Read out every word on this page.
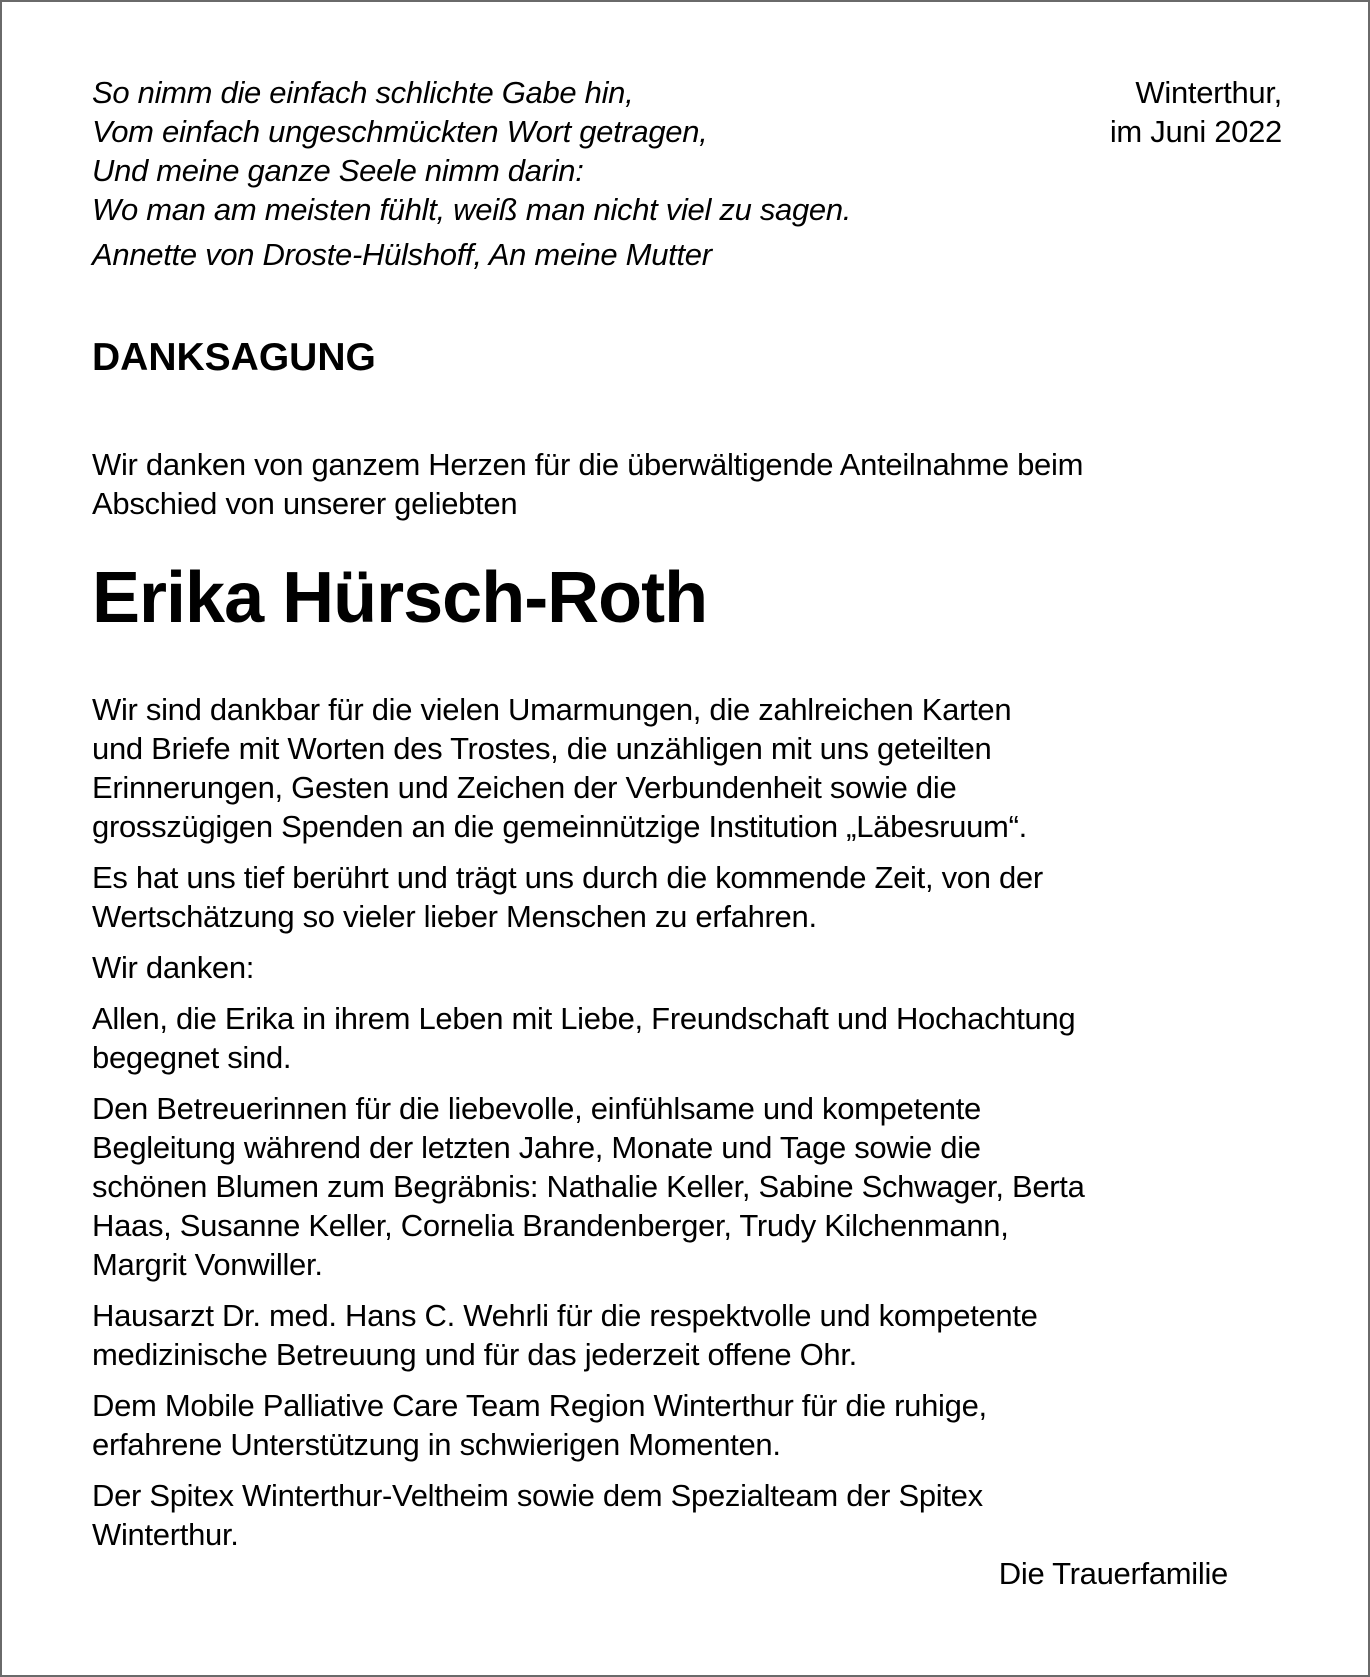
So nimm die einfach schlichte Gabe hin,
Vom einfach ungeschmückten Wort getragen,
Und meine ganze Seele nimm darin:
Wo man am meisten fühlt, weiß man nicht viel zu sagen.
Annette von Droste-Hülshoff, An meine Mutter
Winterthur,
im Juni 2022
DANKSAGUNG
Wir danken von ganzem Herzen für die überwältigende Anteilnahme beim
Abschied von unserer geliebten
Erika Hürsch-Roth
Wir sind dankbar für die vielen Umarmungen, die zahlreichen Karten
und Briefe mit Worten des Trostes, die unzähligen mit uns geteilten
Erinnerungen, Gesten und Zeichen der Verbundenheit sowie die
grosszügigen Spenden an die gemeinnützige Institution „Läbesruum“.
Es hat uns tief berührt und trägt uns durch die kommende Zeit, von der
Wertschätzung so vieler lieber Menschen zu erfahren.
Wir danken:
Allen, die Erika in ihrem Leben mit Liebe, Freundschaft und Hochachtung
begegnet sind.
Den Betreuerinnen für die liebevolle, einfühlsame und kompetente
Begleitung während der letzten Jahre, Monate und Tage sowie die
schönen Blumen zum Begräbnis: Nathalie Keller, Sabine Schwager, Berta
Haas, Susanne Keller, Cornelia Brandenberger, Trudy Kilchenmann,
Margrit Vonwiller.
Hausarzt Dr. med. Hans C. Wehrli für die respektvolle und kompetente
medizinische Betreuung und für das jederzeit offene Ohr.
Dem Mobile Palliative Care Team Region Winterthur für die ruhige,
erfahrene Unterstützung in schwierigen Momenten.
Der Spitex Winterthur-Veltheim sowie dem Spezialteam der Spitex
Winterthur.
Die Trauerfamilie
